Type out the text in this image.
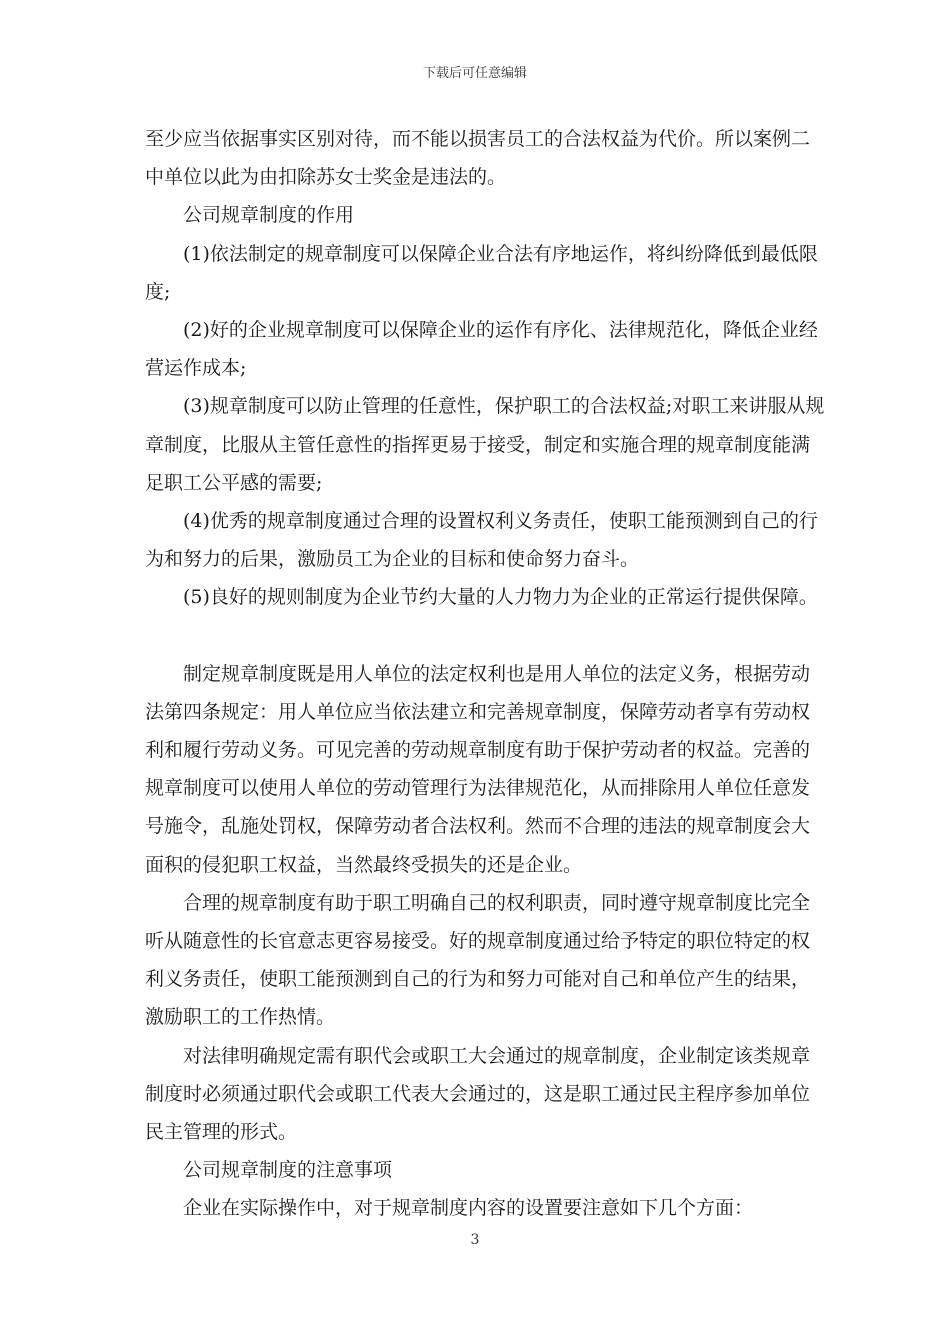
下载后可任意编辑

至少应当依据事实区别对待，而不能以损害员工的合法权益为代价。所以案例二中单位以此为由扣除苏女士奖金是违法的。

公司规章制度的作用

(1)依法制定的规章制度可以保障企业合法有序地运作，将纠纷降低到最低限度;

(2)好的企业规章制度可以保障企业的运作有序化、法律规范化，降低企业经营运作成本;

(3)规章制度可以防止管理的任意性，保护职工的合法权益;对职工来讲服从规章制度，比服从主管任意性的指挥更易于接受，制定和实施合理的规章制度能满足职工公平感的需要;

(4)优秀的规章制度通过合理的设置权利义务责任，使职工能预测到自己的行为和努力的后果，激励员工为企业的目标和使命努力奋斗。

(5)良好的规则制度为企业节约大量的人力物力为企业的正常运行提供保障。

制定规章制度既是用人单位的法定权利也是用人单位的法定义务，根据劳动法第四条规定：用人单位应当依法建立和完善规章制度，保障劳动者享有劳动权利和履行劳动义务。可见完善的劳动规章制度有助于保护劳动者的权益。完善的规章制度可以使用人单位的劳动管理行为法律规范化，从而排除用人单位任意发号施令，乱施处罚权，保障劳动者合法权利。然而不合理的违法的规章制度会大面积的侵犯职工权益，当然最终受损失的还是企业。

合理的规章制度有助于职工明确自己的权利职责，同时遵守规章制度比完全听从随意性的长官意志更容易接受。好的规章制度通过给予特定的职位特定的权利义务责任，使职工能预测到自己的行为和努力可能对自己和单位产生的结果，激励职工的工作热情。

对法律明确规定需有职代会或职工大会通过的规章制度，企业制定该类规章制度时必须通过职代会或职工代表大会通过的，这是职工通过民主程序参加单位民主管理的形式。

公司规章制度的注意事项

企业在实际操作中，对于规章制度内容的设置要注意如下几个方面：

3
